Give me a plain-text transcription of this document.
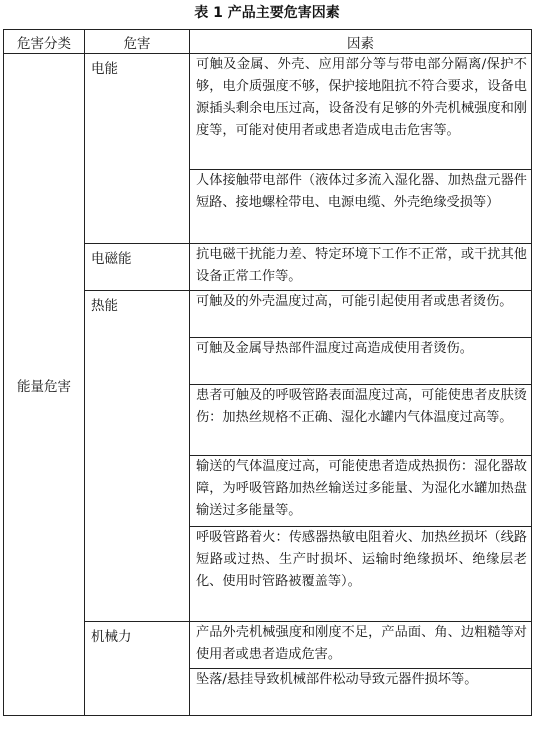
表 1 产品主要危害因素
危害分类	危害	因素
能量危害	电能	可触及金属、外壳、应用部分等与带电部分隔离/保护不够，电介质强度不够，保护接地阻抗不符合要求，设备电源插头剩余电压过高，设备没有足够的外壳机械强度和刚度等，可能对使用者或患者造成电击危害等。
		人体接触带电部件（液体过多流入湿化器、加热盘元器件短路、接地螺栓带电、电源电缆、外壳绝缘受损等）
	电磁能	抗电磁干扰能力差、特定环境下工作不正常，或干扰其他设备正常工作等。
	热能	可触及的外壳温度过高，可能引起使用者或患者烫伤。
		可触及金属导热部件温度过高造成使用者烫伤。
		患者可触及的呼吸管路表面温度过高，可能使患者皮肤烫伤：加热丝规格不正确、湿化水罐内气体温度过高等。
		输送的气体温度过高，可能使患者造成热损伤：湿化器故障，为呼吸管路加热丝输送过多能量、为湿化水罐加热盘输送过多能量等。
		呼吸管路着火：传感器热敏电阻着火、加热丝损坏（线路短路或过热、生产时损坏、运输时绝缘损坏、绝缘层老化、使用时管路被覆盖等）。
	机械力	产品外壳机械强度和刚度不足，产品面、角、边粗糙等对使用者或患者造成危害。
		坠落/悬挂导致机械部件松动导致元器件损坏等。
